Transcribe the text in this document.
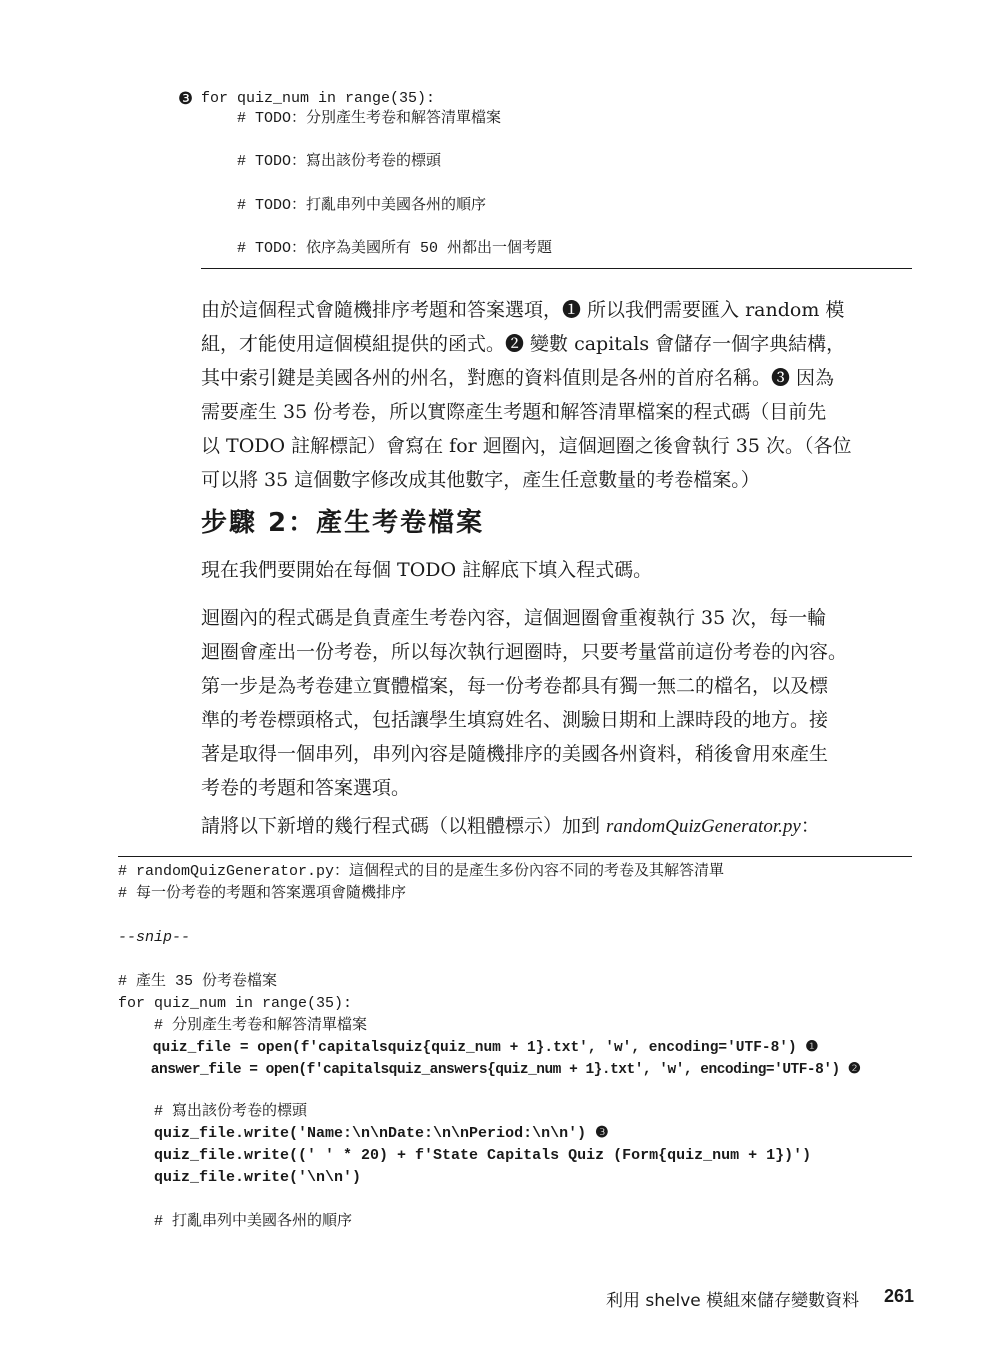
❸ for quiz_num in range(35):
# TODO：分別產生考卷和解答清單檔案
# TODO：寫出該份考卷的標頭
# TODO：打亂串列中美國各州的順序
# TODO：依序為美國所有 50 州都出一個考題
由於這個程式會隨機排序考題和答案選項，❶ 所以我們需要匯入 random 模
組，才能使用這個模組提供的函式。❷ 變數 capitals 會儲存一個字典結構，
其中索引鍵是美國各州的州名，對應的資料值則是各州的首府名稱。❸ 因為
需要產生 35 份考卷，所以實際產生考題和解答清單檔案的程式碼（目前先
以 TODO 註解標記）會寫在 for 迴圈內，這個迴圈之後會執行 35 次。（各位
可以將 35 這個數字修改成其他數字，產生任意數量的考卷檔案。）
步驟 2：產生考卷檔案
現在我們要開始在每個 TODO 註解底下填入程式碼。
迴圈內的程式碼是負責產生考卷內容，這個迴圈會重複執行 35 次，每一輪
迴圈會產出一份考卷，所以每次執行迴圈時，只要考量當前這份考卷的內容。
第一步是為考卷建立實體檔案，每一份考卷都具有獨一無二的檔名，以及標
準的考卷標頭格式，包括讓學生填寫姓名、測驗日期和上課時段的地方。接
著是取得一個串列，串列內容是隨機排序的美國各州資料，稍後會用來產生
考卷的考題和答案選項。
請將以下新增的幾行程式碼（以粗體標示）加到 randomQuizGenerator.py：
# randomQuizGenerator.py：這個程式的目的是產生多份內容不同的考卷及其解答清單
# 每一份考卷的考題和答案選項會隨機排序
--snip--
# 產生 35 份考卷檔案
for quiz_num in range(35):
# 分別產生考卷和解答清單檔案
quiz_file = open(f'capitalsquiz{quiz_num + 1}.txt', 'w', encoding='UTF-8') ❶
answer_file = open(f'capitalsquiz_answers{quiz_num + 1}.txt', 'w', encoding='UTF-8') ❷
# 寫出該份考卷的標頭
quiz_file.write('Name:\n\nDate:\n\nPeriod:\n\n') ❸
quiz_file.write((' ' * 20) + f'State Capitals Quiz (Form{quiz_num + 1})')
quiz_file.write('\n\n')
# 打亂串列中美國各州的順序
利用 shelve 模組來儲存變數資料 261
